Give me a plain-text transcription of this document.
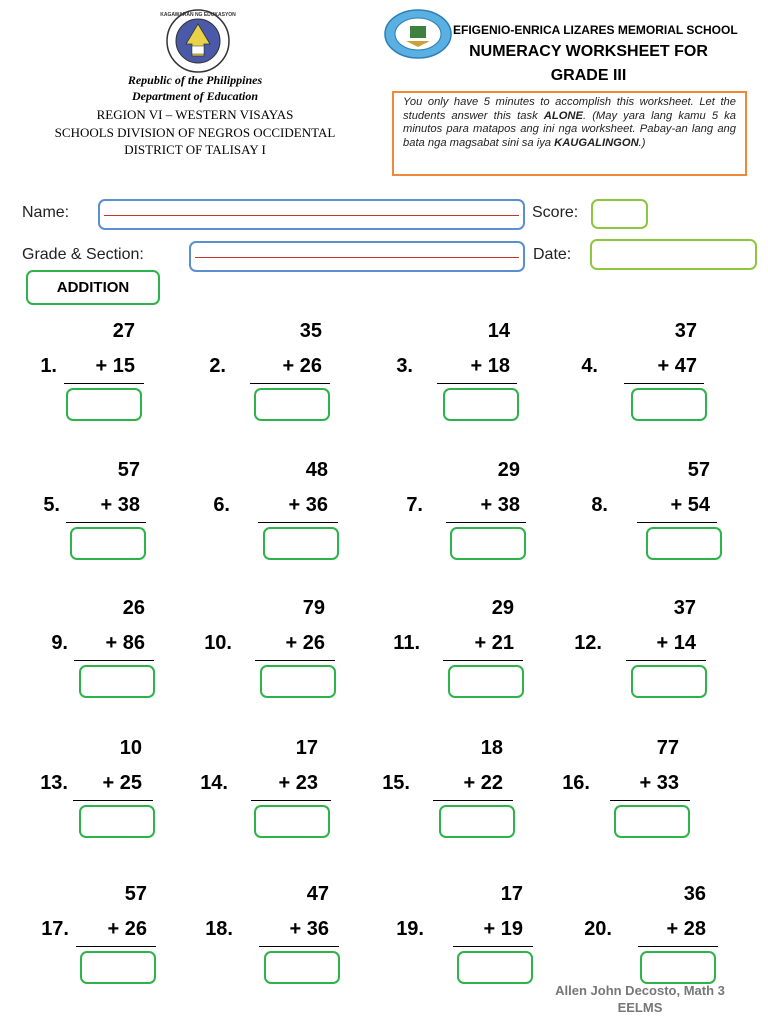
KAGAWARAN NG EDUKASYON
Republic of the Philippines
Department of Education
REGION VI – WESTERN VISAYAS
SCHOOLS DIVISION OF NEGROS OCCIDENTAL
DISTRICT OF TALISAY I
EFIGENIO-ENRICA LIZARES MEMORIAL SCHOOL
NUMERACY WORKSHEET FOR
GRADE III
You only have 5 minutes to accomplish this worksheet. Let the students answer this task ALONE. (May yara lang kamu 5 ka minutos para matapos ang ini nga worksheet. Pabay-an lang ang bata nga magsabat sini sa iya KAUGALINGON.)
Name:	Score:
Grade & Section:	Date:
ADDITION
27
1.	+ 15
35
2.	+ 26
14
3.	+ 18
37
4.	+ 47
57
5.	+ 38
48
6.	+ 36
29
7.	+ 38
57
8.	+ 54
26
9.	+ 86
79
10.	+ 26
29
11.	+ 21
37
12.	+ 14
10
13.	+ 25
17
14.	+ 23
18
15.	+ 22
77
16.	+ 33
57
17.	+ 26
47
18.	+ 36
17
19.	+ 19
36
20.	+ 28
Allen John Decosto, Math 3
EELMS
